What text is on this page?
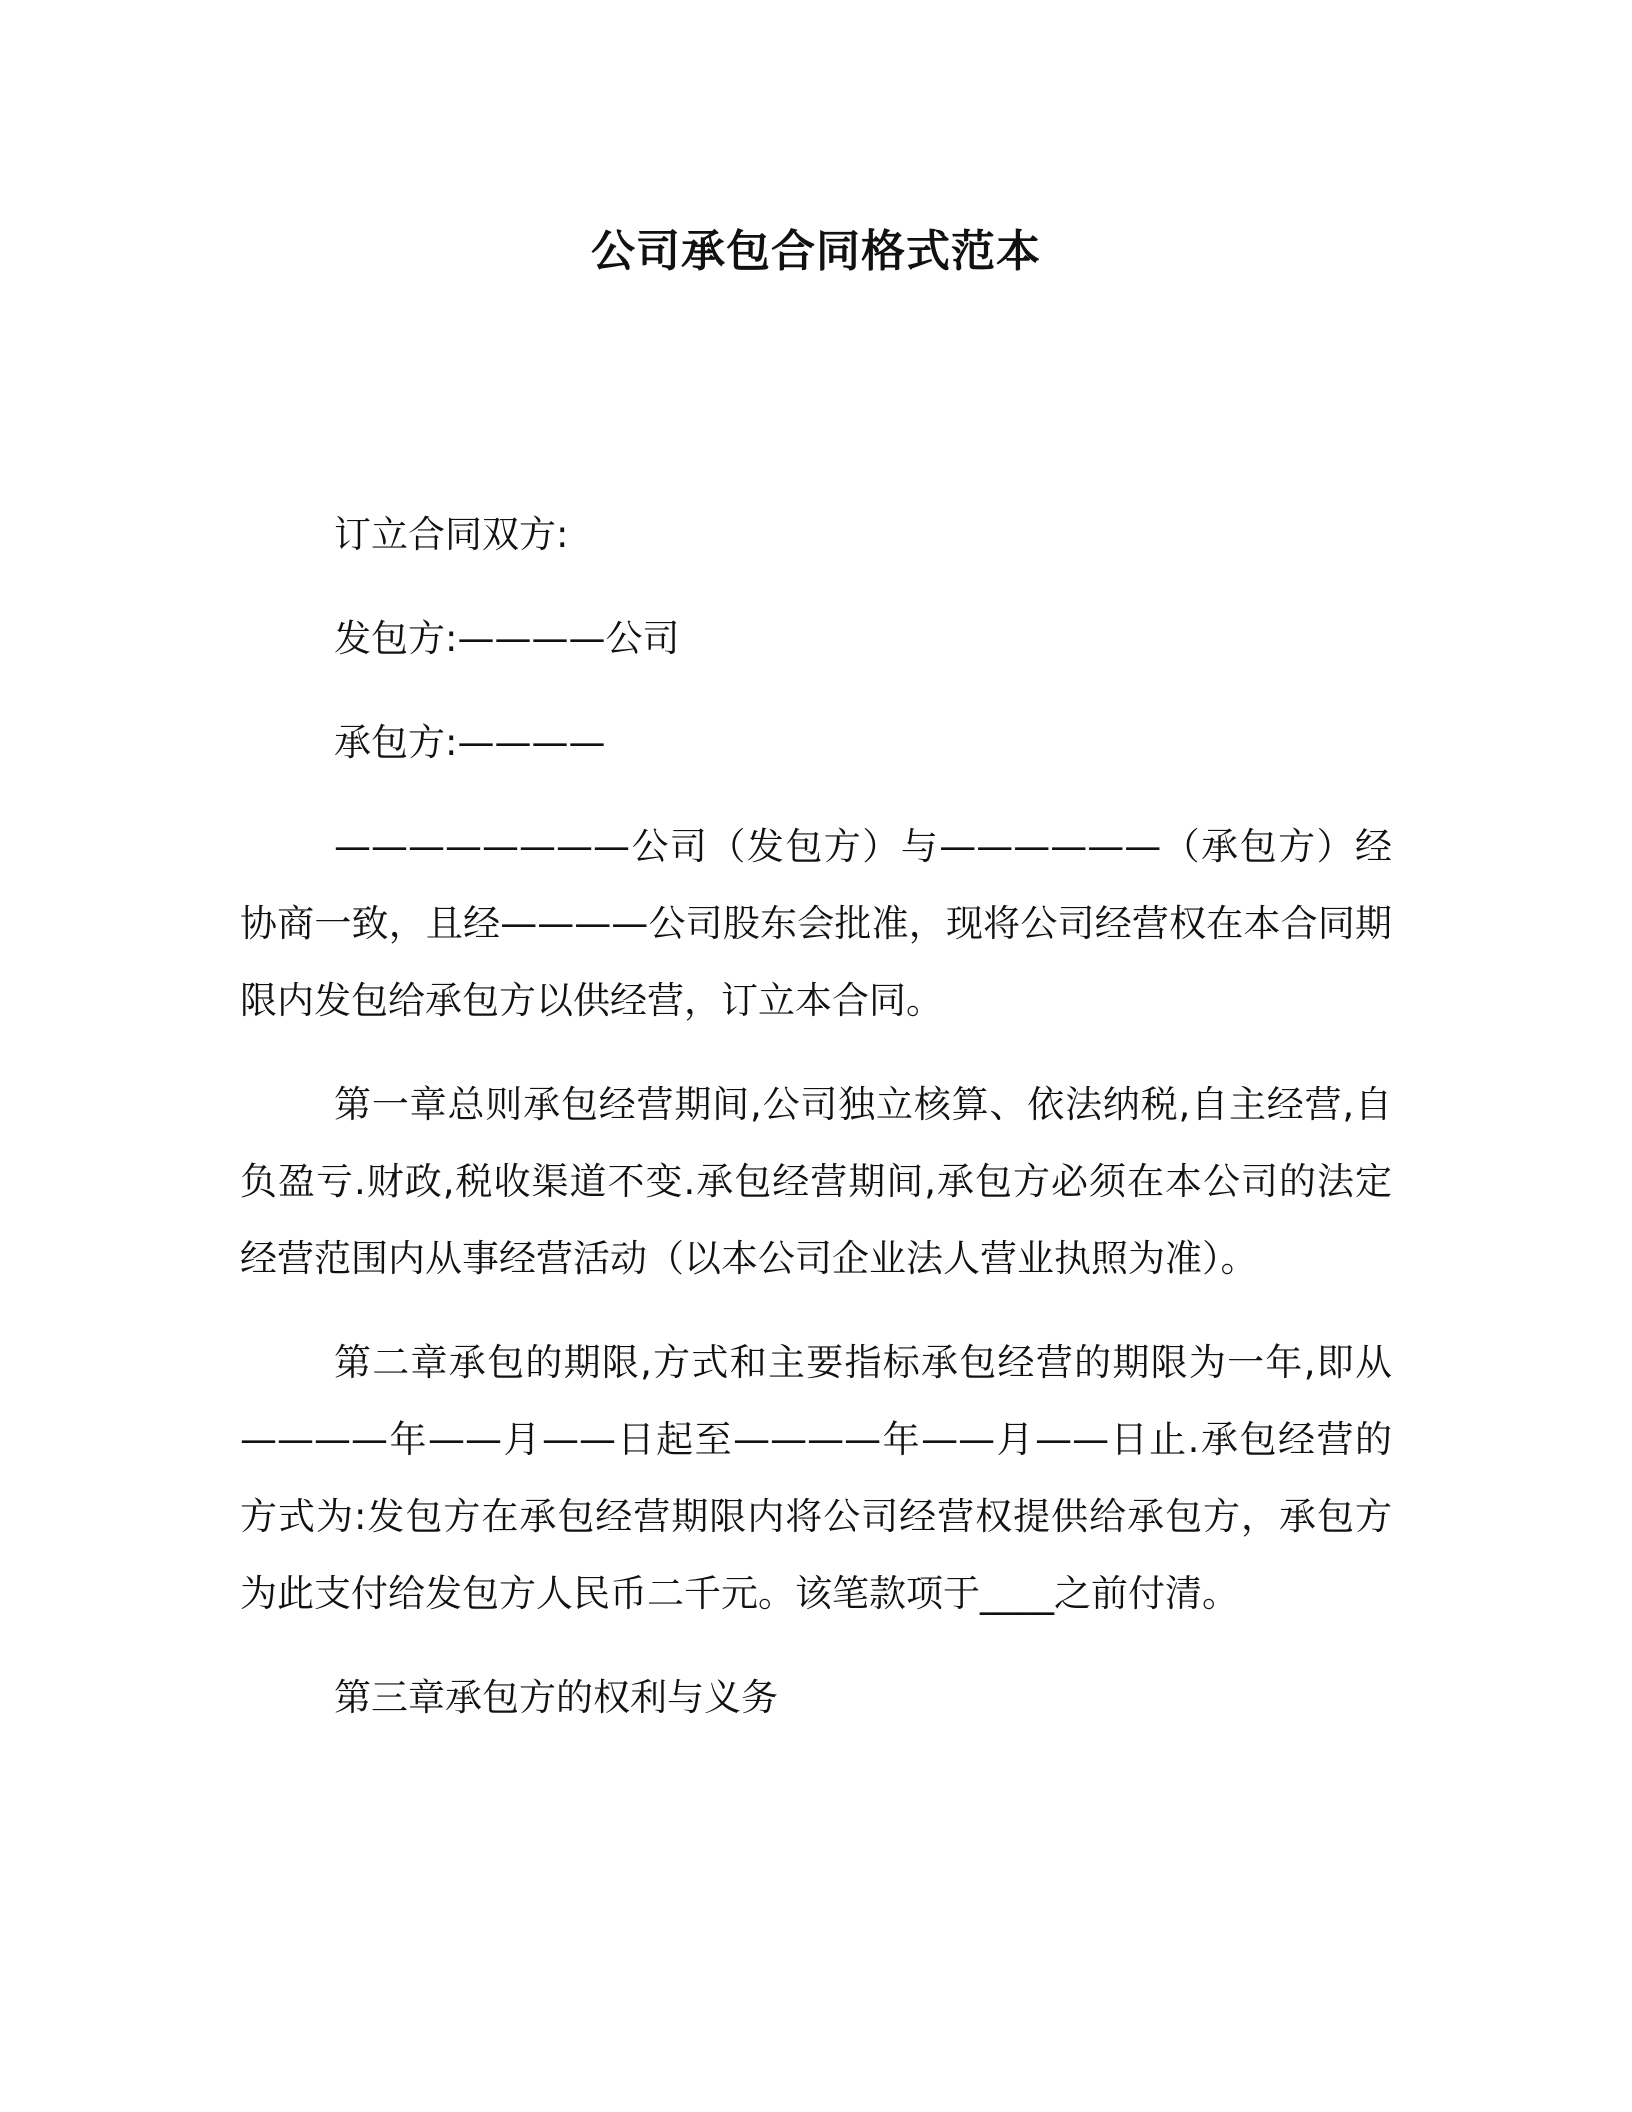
公司承包合同格式范本

订立合同双方:

发包方:————公司

承包方:————

————————公司（发包方）与——————（承包方）经协商一致，且经————公司股东会批准，现将公司经营权在本合同期限内发包给承包方以供经营，订立本合同。

第一章总则承包经营期间,公司独立核算、依法纳税,自主经营,自负盈亏.财政,税收渠道不变.承包经营期间,承包方必须在本公司的法定经营范围内从事经营活动（以本公司企业法人营业执照为准）。

第二章承包的期限,方式和主要指标承包经营的期限为一年,即从————年——月——日起至————年——月——日止.承包经营的方式为:发包方在承包经营期限内将公司经营权提供给承包方，承包方为此支付给发包方人民币二千元。该笔款项于____之前付清。

第三章承包方的权利与义务
